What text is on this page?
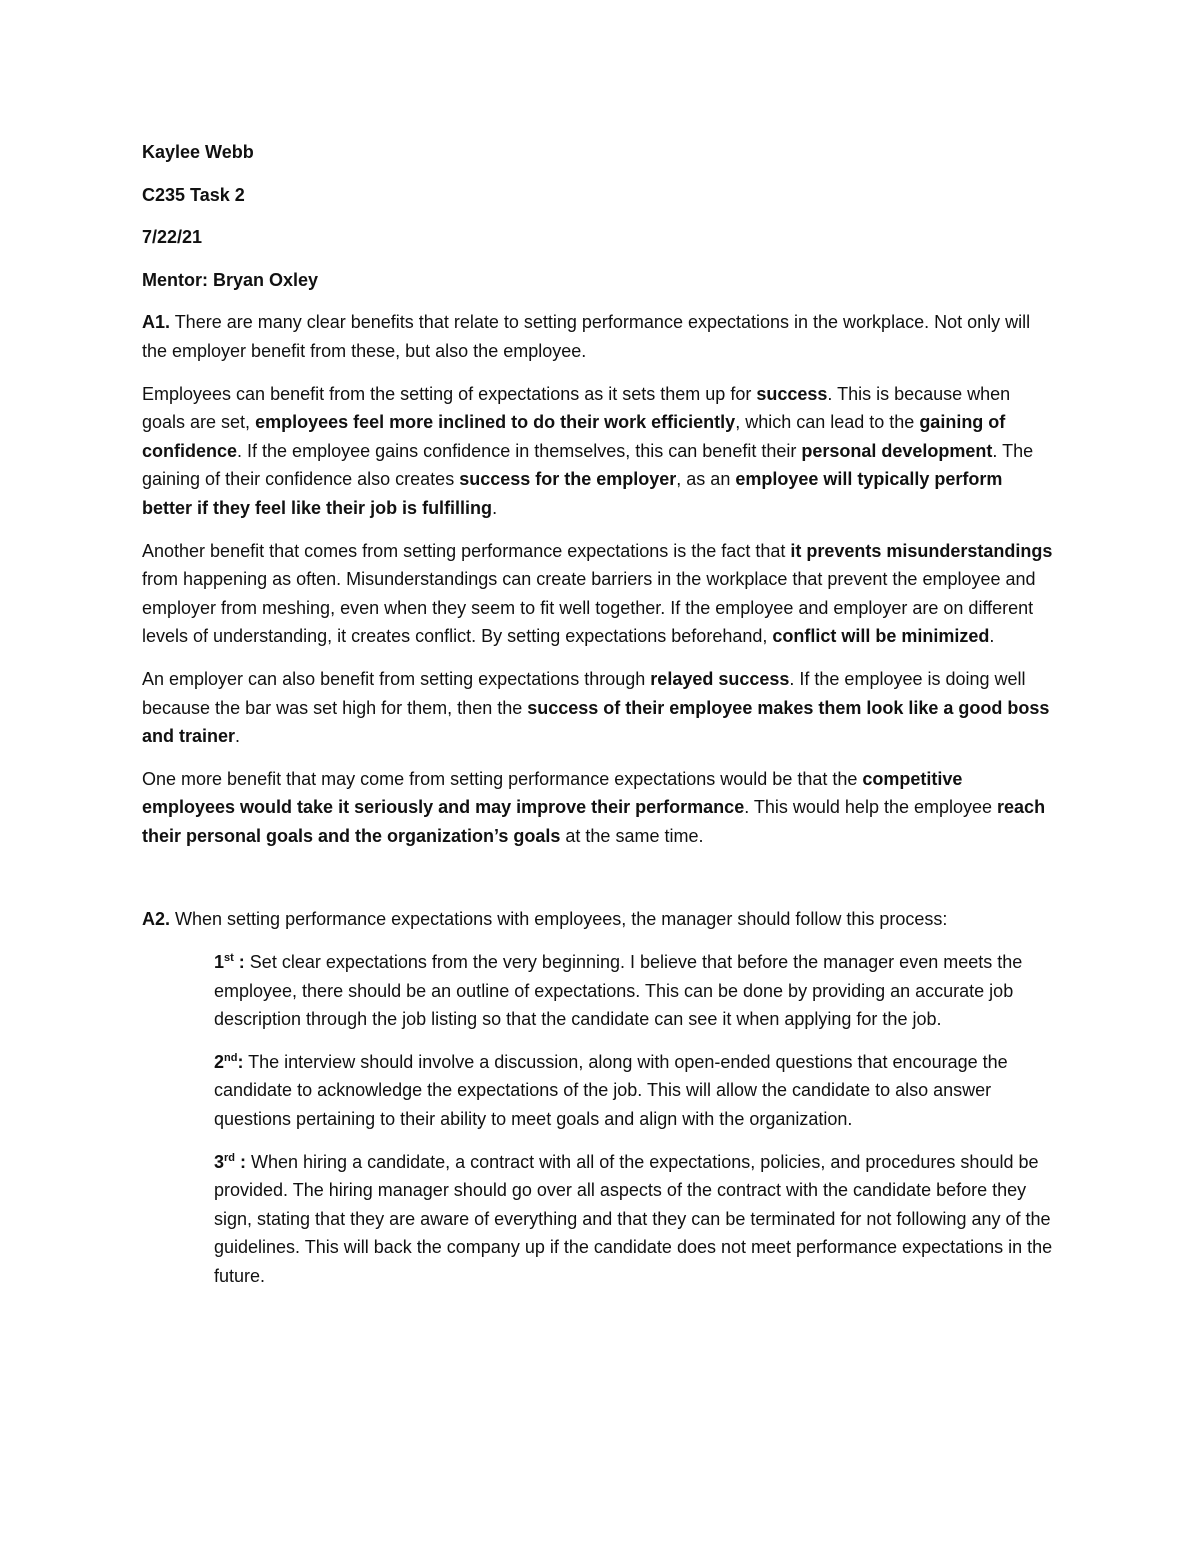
Kaylee Webb

C235 Task 2

7/22/21

Mentor: Bryan Oxley

A1. There are many clear benefits that relate to setting performance expectations in the workplace. Not only will the employer benefit from these, but also the employee.

Employees can benefit from the setting of expectations as it sets them up for success. This is because when goals are set, employees feel more inclined to do their work efficiently, which can lead to the gaining of confidence. If the employee gains confidence in themselves, this can benefit their personal development. The gaining of their confidence also creates success for the employer, as an employee will typically perform better if they feel like their job is fulfilling.

Another benefit that comes from setting performance expectations is the fact that it prevents misunderstandings from happening as often. Misunderstandings can create barriers in the workplace that prevent the employee and employer from meshing, even when they seem to fit well together. If the employee and employer are on different levels of understanding, it creates conflict. By setting expectations beforehand, conflict will be minimized.

An employer can also benefit from setting expectations through relayed success. If the employee is doing well because the bar was set high for them, then the success of their employee makes them look like a good boss and trainer.

One more benefit that may come from setting performance expectations would be that the competitive employees would take it seriously and may improve their performance. This would help the employee reach their personal goals and the organization’s goals at the same time.

A2. When setting performance expectations with employees, the manager should follow this process:

1st : Set clear expectations from the very beginning. I believe that before the manager even meets the employee, there should be an outline of expectations. This can be done by providing an accurate job description through the job listing so that the candidate can see it when applying for the job.

2nd: The interview should involve a discussion, along with open-ended questions that encourage the candidate to acknowledge the expectations of the job. This will allow the candidate to also answer questions pertaining to their ability to meet goals and align with the organization.

3rd : When hiring a candidate, a contract with all of the expectations, policies, and procedures should be provided. The hiring manager should go over all aspects of the contract with the candidate before they sign, stating that they are aware of everything and that they can be terminated for not following any of the guidelines. This will back the company up if the candidate does not meet performance expectations in the future.
